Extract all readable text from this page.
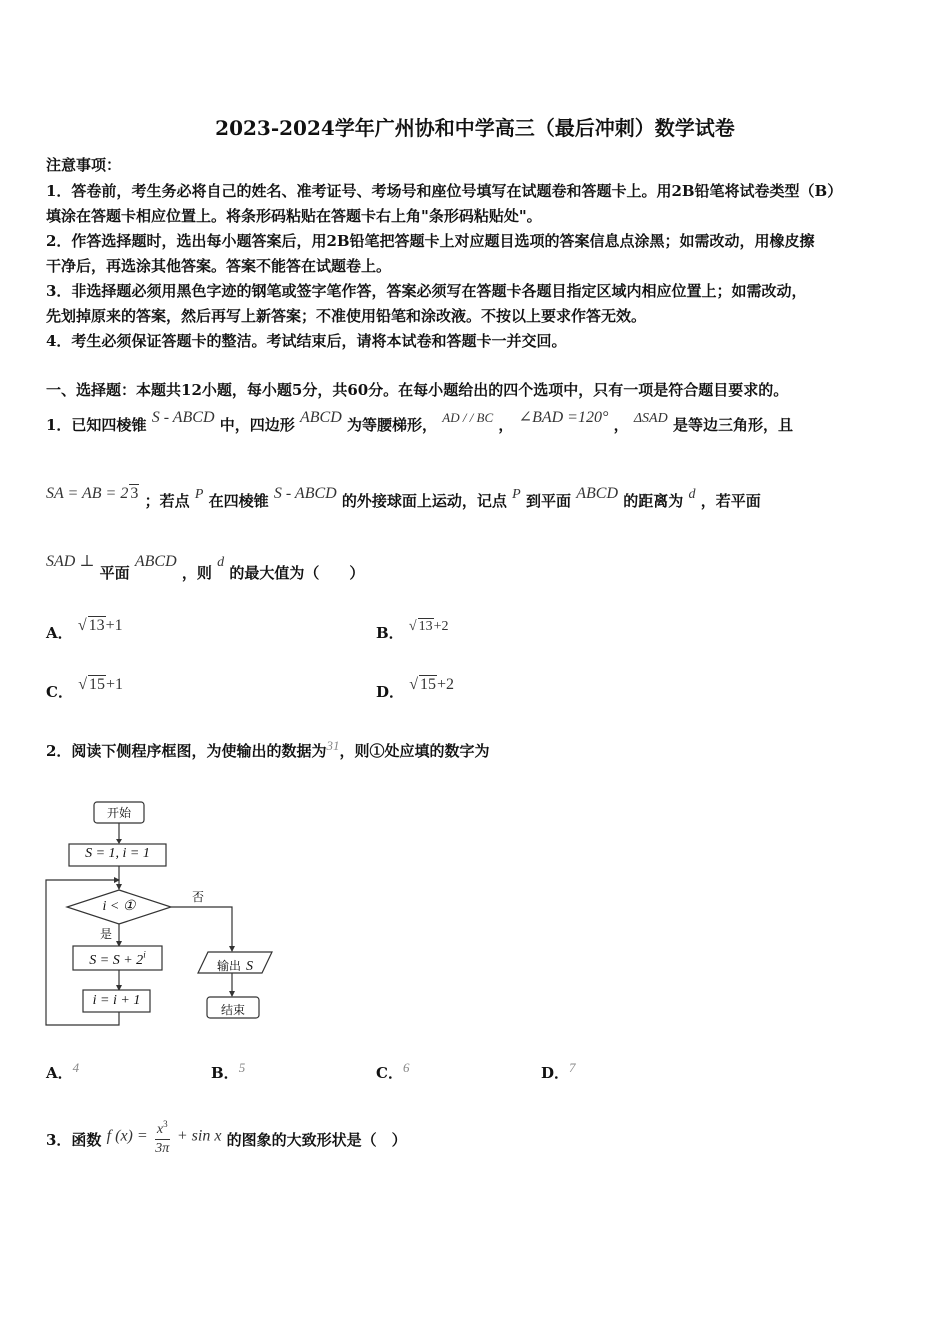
2023-2024学年广州协和中学高三（最后冲刺）数学试卷
注意事项：
1．答卷前，考生务必将自己的姓名、准考证号、考场号和座位号填写在试题卷和答题卡上。用2B铅笔将试卷类型（B）
填涂在答题卡相应位置上。将条形码粘贴在答题卡右上角"条形码粘贴处"。
2．作答选择题时，选出每小题答案后，用2B铅笔把答题卡上对应题目选项的答案信息点涂黑；如需改动，用橡皮擦
干净后，再选涂其他答案。答案不能答在试题卷上。
3．非选择题必须用黑色字迹的钢笔或签字笔作答，答案必须写在答题卡各题目指定区域内相应位置上；如需改动，
先划掉原来的答案，然后再写上新答案；不准使用铅笔和涂改液。不按以上要求作答无效。
4．考生必须保证答题卡的整洁。考试结束后，请将本试卷和答题卡一并交回。
一、选择题：本题共12小题，每小题5分，共60分。在每小题给出的四个选项中，只有一项是符合题目要求的。
1．已知四棱锥 S - ABCD 中，四边形 ABCD 为等腰梯形， AD / / BC ， ∠BAD =120° ， ΔSAD 是等边三角形，且
SA = AB = 2 3 ；若点 P 在四棱锥 S - ABCD 的外接球面上运动，记点 P 到平面 ABCD 的距离为 d ，若平面
SAD ⊥ 平面 ABCD ，则 d 的最大值为（　　）
A． √ 13+1	B． √ 13+2
C． √ 15+1	D． √ 15+2
2．阅读下侧程序框图，为使输出的数据为31，则①处应填的数字为
开始
S = 1, i = 1
i < ①
否
是
$S = S + 2^i$
i = i + 1
输出 S
结束
A．4	B．5	C．6	D．7
3．函数 f $(x) = \frac{x^3}{3\pi} + \sin x$ 的图象的大致形状是（　）
